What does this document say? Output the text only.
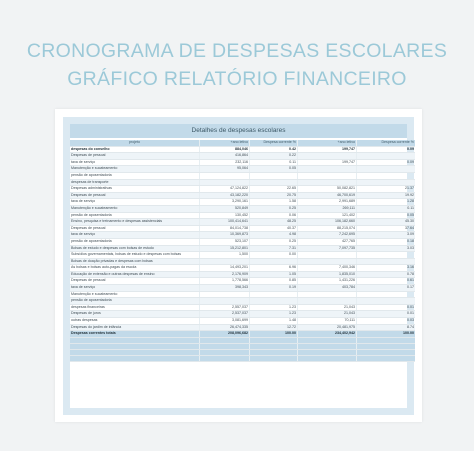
CRONOGRAMA DE DESPESAS ESCOLARES
GRÁFICO RELATÓRIO FINANCEIRO
Detalhes de despesas escolares
projeto	+ano letivo	Despesa corrente %	+ano letivo	Despesa corrente %
despesas do conselho	884,046	0.42	199,747	0.09
Despesas de pessoal	416,864	0.22		
taxa de serviço	232,116	0.11	199,747	0.09
Manutenção e sucateamento	95,064	0.05		
pensão de aposentadoria				
despesas de transporte				
Despesas administrativas	47,124,822	22.65	50,082,821	21.37
Despesas de pessoal	43,182,220	20.75	46,700,619	19.92
taxa de serviço	3,290,161	1.58	2,991,689	1.28
Manutenção e sucateamento	520,849	0.25	269,111	0.11
pensão de aposentadoria	130,452	0.06	121,402	0.05
Ensino, pesquisa e treinamento e despesas assistenciais	100,414,641	48.25	106,182,660	45.30
Despesas de pessoal	84,014,738	40.37	88,215,074	37.64
taxa de serviço	10,369,873	4.98	7,242,695	3.09
pensão de aposentadoria	523,107	0.25	427,765	0.18
Bolsas de estudo e despesas com bolsas de estudo	15,212,801	7.31	7,097,735	3.03
Subsídios governamentais, bolsas de estudo e despesas com bolsas	1,500	0.00		
Bolsas de doação privadas e despesas com bolsas				
As bolsas e bolsas auto-pagas da escola	14,493,201	6.96	7,400,346	3.16
Educação de extensão e outras despesas de ensino	2,176,909	1.05	1,835,010	0.78
Despesas de pessoal	1,778,566	0.85	1,431,226	0.61
taxa de serviço	398,343	0.19	403,784	0.17
Manutenção e sucateamento				
pensão de aposentadoria				
despesas financeiras	2,557,037	1.23	21,043	0.01
Despesas de juros	2,537,037	1.23	21,043	0.01
outras despesas	3,081,699	1.48	70,111	0.03
Despesas do jardim de infância	26,474,335	12.72	20,481,975	8.74
Despesas correntes totais	208,096,682	100.00	234,402,942	100.00
